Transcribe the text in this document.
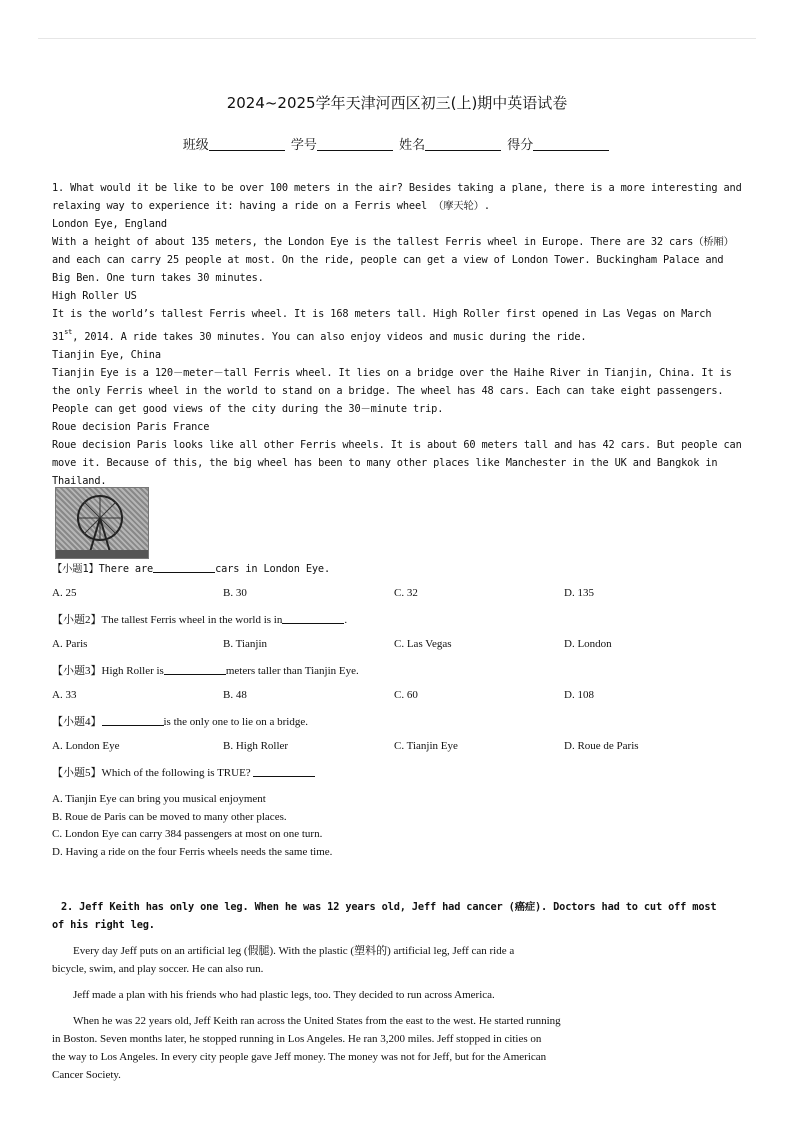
2024~2025学年天津河西区初三(上)期中英语试卷
班级	学号	姓名	得分
1. What would it be like to be over 100 meters in the air? Besides taking a plane, there is a more interesting and
relaxing way to experience it: having a ride on a Ferris wheel （摩天轮）.
London Eye, England
With a height of about 135 meters, the London Eye is the tallest Ferris wheel in Europe. There are 32 cars（桥厢）
and each can carry 25 people at most. On the ride, people can get a view of London Tower. Buckingham Palace and
Big Ben. One turn takes 30 minutes.
High Roller US
It is the world’s tallest Ferris wheel. It is 168 meters tall. High Roller first opened in Las Vegas on March
31st, 2014. A ride takes 30 minutes. You can also enjoy videos and music during the ride.
Tianjin Eye, China
Tianjin Eye is a 120－meter－tall Ferris wheel. It lies on a bridge over the Haihe River in Tianjin, China. It is
the only Ferris wheel in the world to stand on a bridge. The wheel has 48 cars. Each can take eight passengers.
People can get good views of the city during the 30－minute trip.
Roue decision Paris France
Roue decision Paris looks like all other Ferris wheels. It is about 60 meters tall and has 42 cars. But people can
move it. Because of this, the big wheel has been to many other places like Manchester in the UK and Bangkok in
Thailand.
【小题1】There are	cars in London Eye.
A. 25	B. 30	C. 32	D. 135
【小题2】The tallest Ferris wheel in the world is in	.
A. Paris	B. Tianjin	C. Las Vegas	D. London
【小题3】High Roller is	meters taller than Tianjin Eye.
A. 33	B. 48	C. 60	D. 108
【小题4】	is the only one to lie on a bridge.
A. London Eye	B. High Roller	C. Tianjin Eye	D. Roue de Paris
【小题5】Which of the following is TRUE?
A. Tianjin Eye can bring you musical enjoyment
B. Roue de Paris can be moved to many other places.
C. London Eye can carry 384 passengers at most on one turn.
D. Having a ride on the four Ferris wheels needs the same time.
2. Jeff Keith has only one leg. When he was 12 years old, Jeff had cancer (癌症). Doctors had to cut off most
of his right leg.
Every day Jeff puts on an artificial leg (假腿). With the plastic (塑料的) artificial leg, Jeff can ride a
bicycle, swim, and play soccer. He can also run.
Jeff made a plan with his friends who had plastic legs, too. They decided to run across America.
When he was 22 years old, Jeff Keith ran across the United States from the east to the west. He started running
in Boston. Seven months later, he stopped running in Los Angeles. He ran 3,200 miles. Jeff stopped in cities on
the way to Los Angeles. In every city people gave Jeff money. The money was not for Jeff, but for the American
Cancer Society.
